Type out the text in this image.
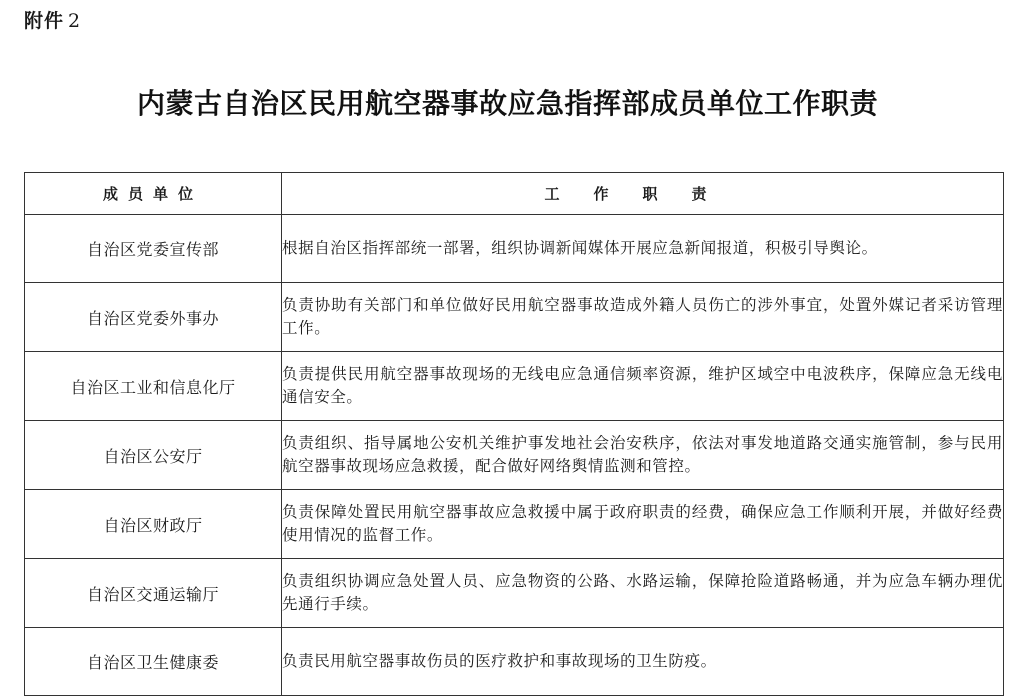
附件 2
内蒙古自治区民用航空器事故应急指挥部成员单位工作职责
成员单位	工作职责
自治区党委宣传部	根据自治区指挥部统一部署，组织协调新闻媒体开展应急新闻报道，积极引导舆论。
自治区党委外事办	负责协助有关部门和单位做好民用航空器事故造成外籍人员伤亡的涉外事宜，处置外媒记者采访管理工作。
自治区工业和信息化厅	负责提供民用航空器事故现场的无线电应急通信频率资源，维护区域空中电波秩序，保障应急无线电通信安全。
自治区公安厅	负责组织、指导属地公安机关维护事发地社会治安秩序，依法对事发地道路交通实施管制，参与民用航空器事故现场应急救援，配合做好网络舆情监测和管控。
自治区财政厅	负责保障处置民用航空器事故应急救援中属于政府职责的经费，确保应急工作顺利开展，并做好经费使用情况的监督工作。
自治区交通运输厅	负责组织协调应急处置人员、应急物资的公路、水路运输，保障抢险道路畅通，并为应急车辆办理优先通行手续。
自治区卫生健康委	负责民用航空器事故伤员的医疗救护和事故现场的卫生防疫。
